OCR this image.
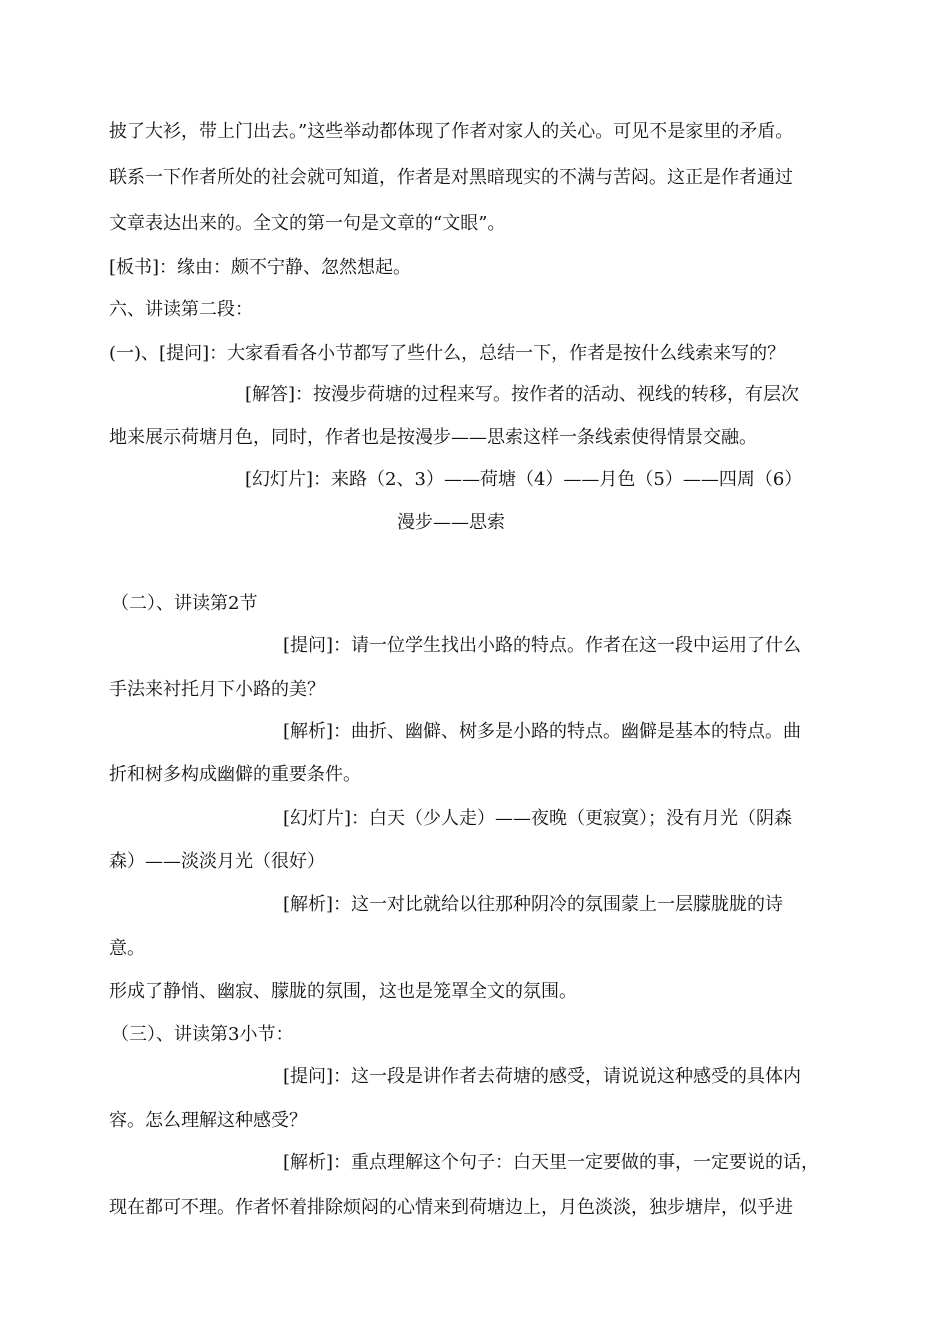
披了大衫，带上门出去。”这些举动都体现了作者对家人的关心。可见不是家里的矛盾。
联系一下作者所处的社会就可知道，作者是对黑暗现实的不满与苦闷。这正是作者通过
文章表达出来的。全文的第一句是文章的“文眼”。
[板书]：缘由：颇不宁静、忽然想起。
六、讲读第二段：
(一)、[提问]：大家看看各小节都写了些什么，总结一下，作者是按什么线索来写的？
[解答]：按漫步荷塘的过程来写。按作者的活动、视线的转移，有层次
地来展示荷塘月色，同时，作者也是按漫步——思索这样一条线索使得情景交融。
[幻灯片]：来路（2、3）——荷塘（4）——月色（5）——四周（6）
漫步——思索
（二）、讲读第2节
[提问]：请一位学生找出小路的特点。作者在这一段中运用了什么
手法来衬托月下小路的美？
[解析]：曲折、幽僻、树多是小路的特点。幽僻是基本的特点。曲
折和树多构成幽僻的重要条件。
[幻灯片]：白天（少人走）——夜晚（更寂寞）；没有月光（阴森
森）——淡淡月光（很好）
[解析]：这一对比就给以往那种阴冷的氛围蒙上一层朦胧胧的诗
意。
形成了静悄、幽寂、朦胧的氛围，这也是笼罩全文的氛围。
（三）、讲读第3小节：
[提问]：这一段是讲作者去荷塘的感受，请说说这种感受的具体内
容。怎么理解这种感受？
[解析]：重点理解这个句子：白天里一定要做的事，一定要说的话，
现在都可不理。作者怀着排除烦闷的心情来到荷塘边上，月色淡淡，独步塘岸，似乎进
